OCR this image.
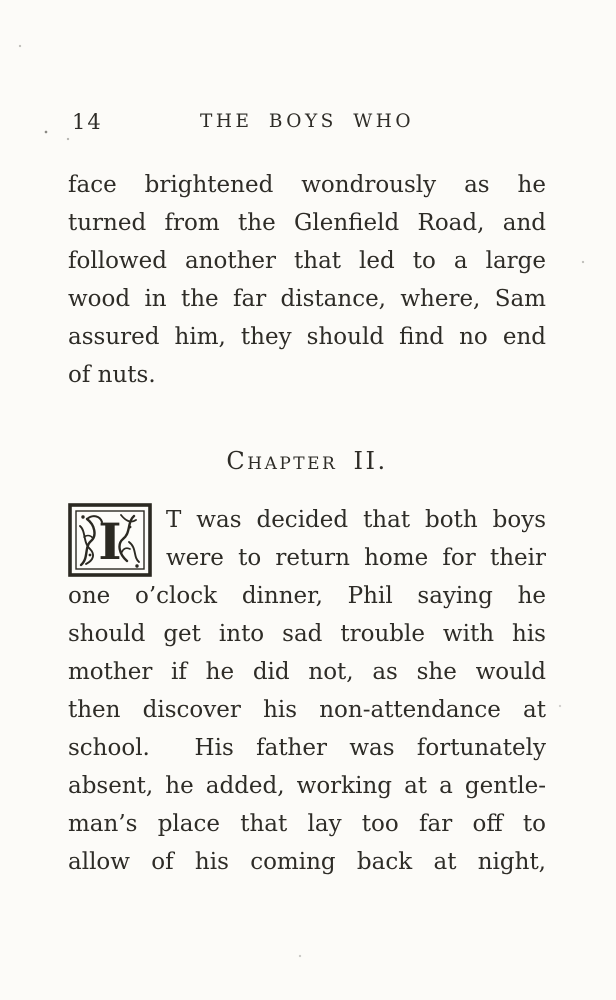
14	THE BOYS WHO
face brightened wondrously as he
turned from the Glenfield Road, and
followed another that led to a large
wood in the far distance, where, Sam
assured him, they should find no end
of nuts.
Chapter II.
I	T was decided that both boys
were to return home for their
one o’clock dinner, Phil saying he
should get into sad trouble with his
mother if he did not, as she would
then discover his non-attendance at
school.  His father was fortunately
absent, he added, working at a gentle-
man’s place that lay too far off to
allow of his coming back at night,
